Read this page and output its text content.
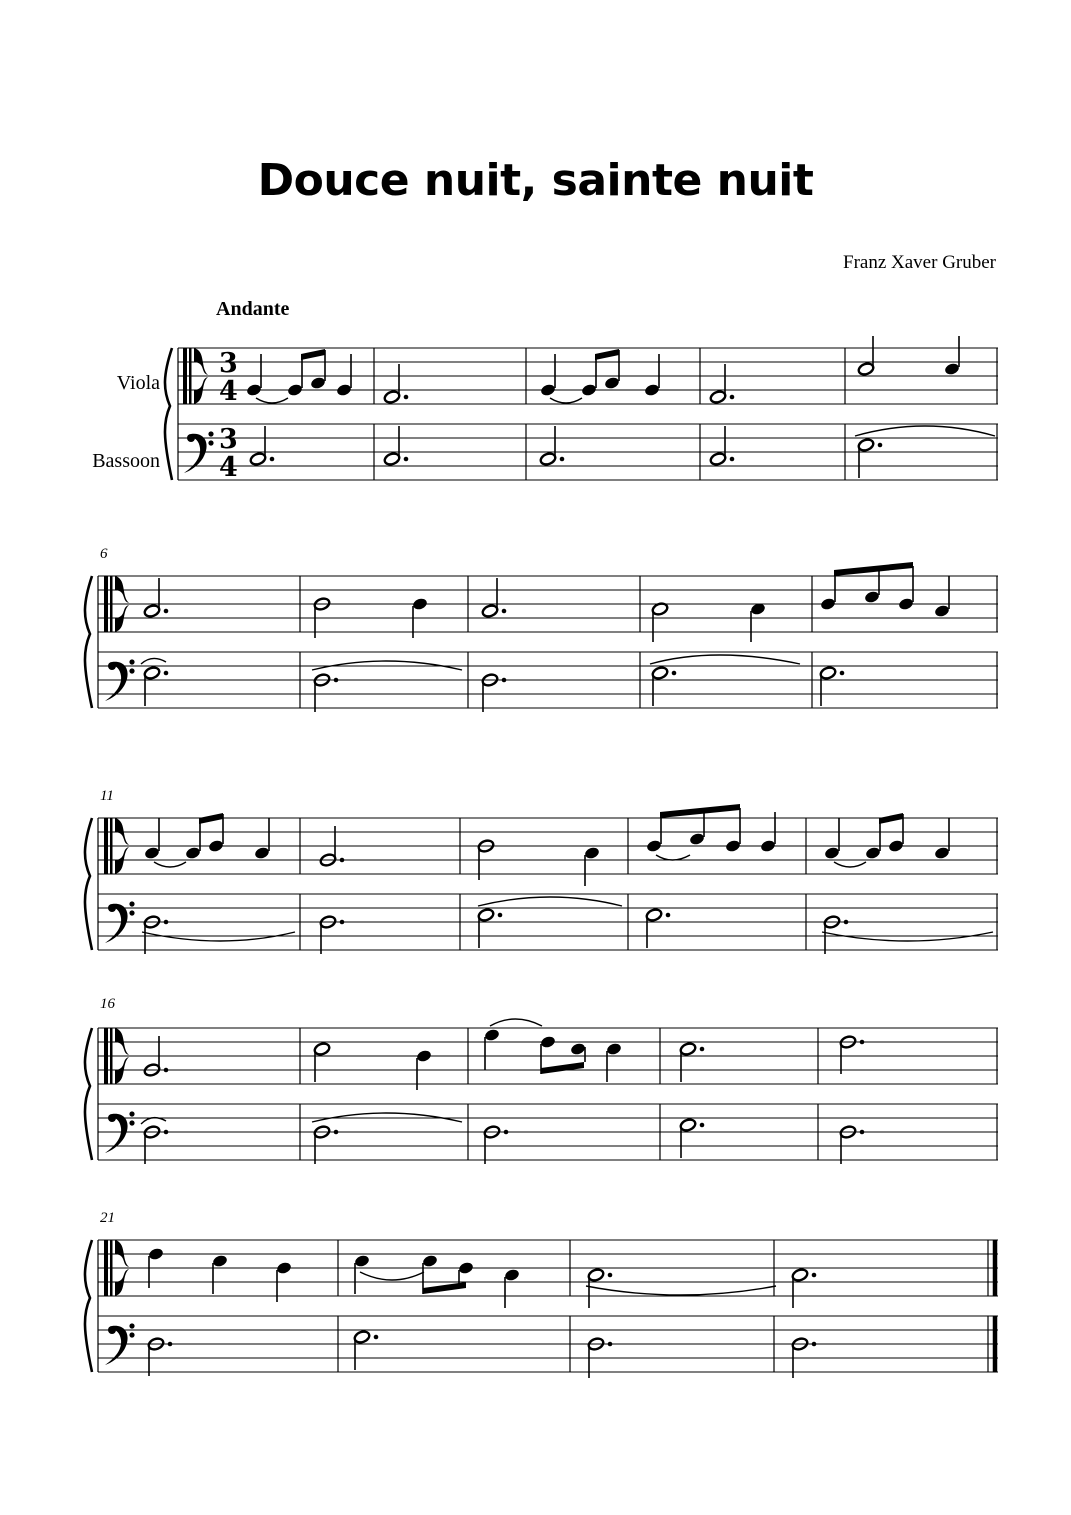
Douce nuit, sainte nuit
Franz Xaver Gruber
Andante
Viola
Bassoon
3
4
3
4
6
11
16
21
